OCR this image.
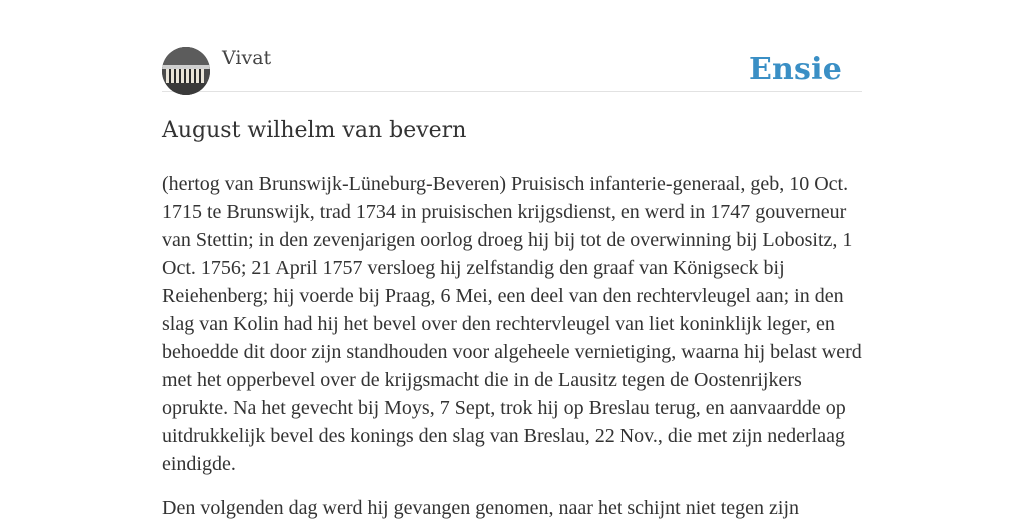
Vivat	Ensie
August wilhelm van bevern

(hertog van Brunswijk-Lüneburg-Beveren) Pruisisch infanterie-generaal, geb, 10 Oct. 1715 te Brunswijk, trad 1734 in pruisischen krijgsdienst, en werd in 1747 gouverneur van Stettin; in den zevenjarigen oorlog droeg hij bij tot de overwinning bij Lobositz, 1 Oct. 1756; 21 April 1757 versloeg hij zelfstandig den graaf van Königseck bij Reiehenberg; hij voerde bij Praag, 6 Mei, een deel van den rechtervleugel aan; in den slag van Kolin had hij het bevel over den rechtervleugel van liet koninklijk leger, en behoedde dit door zijn standhouden voor algeheele vernietiging, waarna hij belast werd met het opperbevel over de krijgsmacht die in de Lausitz tegen de Oostenrijkers oprukte. Na het gevecht bij Moys, 7 Sept, trok hij op Breslau terug, en aanvaardde op uitdrukkelijk bevel des konings den slag van Breslau, 22 Nov., die met zijn nederlaag eindigde.

Den volgenden dag werd hij gevangen genomen, naar het schijnt niet tegen zijn
